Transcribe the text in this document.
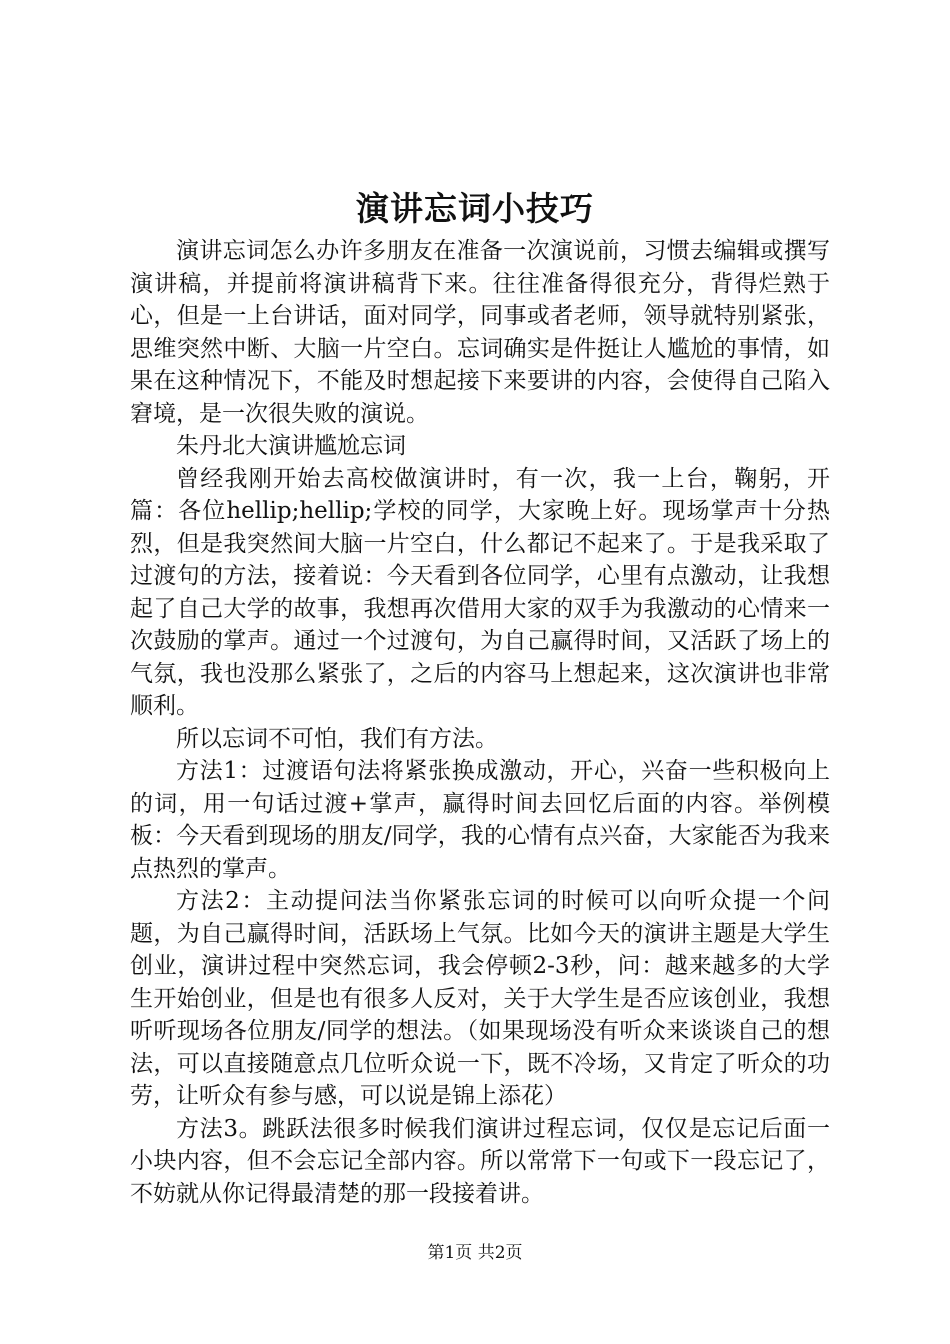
演讲忘词小技巧

演讲忘词怎么办许多朋友在准备一次演说前，习惯去编辑或撰写演讲稿，并提前将演讲稿背下来。往往准备得很充分，背得烂熟于心，但是一上台讲话，面对同学，同事或者老师，领导就特别紧张，思维突然中断、大脑一片空白。忘词确实是件挺让人尴尬的事情，如果在这种情况下，不能及时想起接下来要讲的内容，会使得自己陷入窘境，是一次很失败的演说。

朱丹北大演讲尴尬忘词

曾经我刚开始去高校做演讲时，有一次，我一上台，鞠躬，开篇：各位hellip;hellip;学校的同学，大家晚上好。现场掌声十分热烈，但是我突然间大脑一片空白，什么都记不起来了。于是我采取了过渡句的方法，接着说：今天看到各位同学，心里有点激动，让我想起了自己大学的故事，我想再次借用大家的双手为我激动的心情来一次鼓励的掌声。通过一个过渡句，为自己赢得时间，又活跃了场上的气氛，我也没那么紧张了，之后的内容马上想起来，这次演讲也非常顺利。

所以忘词不可怕，我们有方法。

方法1：过渡语句法将紧张换成激动，开心，兴奋一些积极向上的词，用一句话过渡+掌声，赢得时间去回忆后面的内容。举例模板：今天看到现场的朋友/同学，我的心情有点兴奋，大家能否为我来点热烈的掌声。

方法2：主动提问法当你紧张忘词的时候可以向听众提一个问题，为自己赢得时间，活跃场上气氛。比如今天的演讲主题是大学生创业，演讲过程中突然忘词，我会停顿2-3秒，问：越来越多的大学生开始创业，但是也有很多人反对，关于大学生是否应该创业，我想听听现场各位朋友/同学的想法。（如果现场没有听众来谈谈自己的想法，可以直接随意点几位听众说一下，既不冷场，又肯定了听众的功劳，让听众有参与感，可以说是锦上添花）

方法3。跳跃法很多时候我们演讲过程忘词，仅仅是忘记后面一小块内容，但不会忘记全部内容。所以常常下一句或下一段忘记了，不妨就从你记得最清楚的那一段接着讲。

第1页 共2页
